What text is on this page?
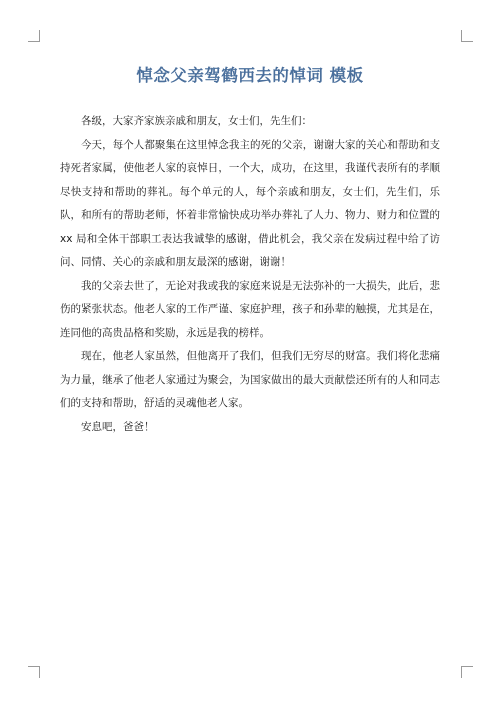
悼念父亲驾鹤西去的悼词 模板

各级，大家齐家族亲戚和朋友，女士们，先生们：

今天，每个人都聚集在这里悼念我主的死的父亲，谢谢大家的关心和帮助和支持死者家属，使他老人家的哀悼日，一个大，成功，在这里，我谨代表所有的孝顺尽快支持和帮助的葬礼。每个单元的人，每个亲戚和朋友，女士们，先生们，乐队，和所有的帮助老师，怀着非常愉快成功举办葬礼了人力、物力、财力和位置的 xx 局和全体干部职工表达我诚挚的感谢，借此机会，我父亲在发病过程中给了访问、同情、关心的亲戚和朋友最深的感谢，谢谢！

我的父亲去世了，无论对我或我的家庭来说是无法弥补的一大损失，此后，悲伤的紧张状态。他老人家的工作严谨、家庭护理，孩子和孙辈的触摸，尤其是在，连同他的高贵品格和奖励，永远是我的榜样。

现在，他老人家虽然，但他离开了我们，但我们无穷尽的财富。我们将化悲痛为力量，继承了他老人家通过为聚会，为国家做出的最大贡献偿还所有的人和同志们的支持和帮助，舒适的灵魂他老人家。

安息吧，爸爸！
